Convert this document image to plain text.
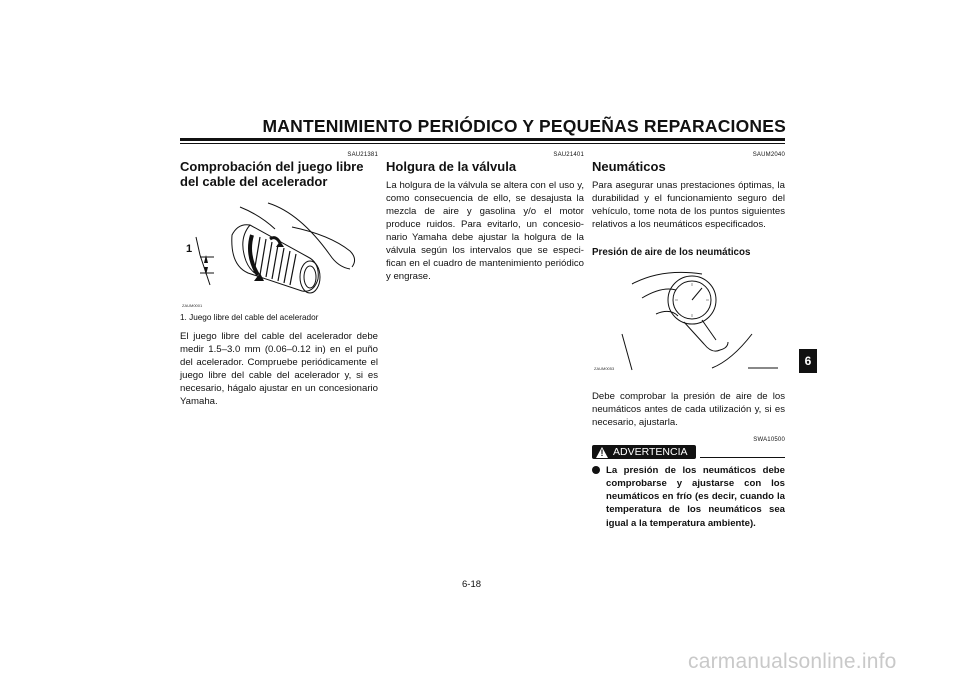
MANTENIMIENTO PERIÓDICO Y PEQUEÑAS REPARACIONES
SAU21381
Comprobación del juego libre del cable del acelerador
1
ZAUM0001
1. Juego libre del cable del acelerador

El juego libre del cable del acelerador debe medir 1.5–3.0 mm (0.06–0.12 in) en el puño del acelerador. Compruebe periódicamente el juego libre del cable del acelerador y, si es necesario, hágalo ajustar en un concesionario Yamaha.

SAU21401
Holgura de la válvula

La holgura de la válvula se altera con el uso y, como consecuencia de ello, se desajusta la mezcla de aire y gasolina y/o el motor produce ruidos. Para evitarlo, un concesionario Yamaha debe ajustar la holgura de la válvula según los intervalos que se especifican en el cuadro de mantenimiento periódico y engrase.

SAUM2040
Neumáticos

Para asegurar unas prestaciones óptimas, la durabilidad y el funcionamiento seguro del vehículo, tome nota de los puntos siguientes relativos a los neumáticos especificados.

Presión de aire de los neumáticos
ZAUM0053

Debe comprobar la presión de aire de los neumáticos antes de cada utilización y, si es necesario, ajustarla.

SWA10500
! ADVERTENCIA

La presión de los neumáticos debe comprobarse y ajustarse con los neumáticos en frío (es decir, cuando la temperatura de los neumáticos sea igual a la temperatura ambiente).

6
6-18
carmanualsonline.info
